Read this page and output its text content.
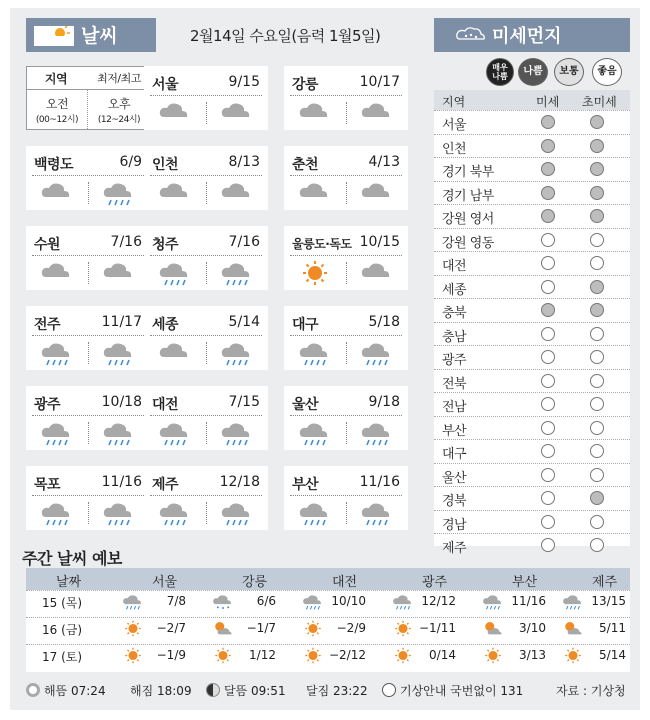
날씨	2월14일 수요일(음력 1월5일)	미세먼지
지역	최저/최고
오전
(00~12시)
오후
(12~24시)
서울	9/15 강릉	10/17
백령도	6/9 인천	8/13 춘천	4/13
수원	7/16 청주	7/16	울릉도·독도 10/15
전주	11/17 세종	5/14 대구	5/18
광주	10/18 대전	7/15 울산	9/18
목포	11/16 제주	12/18 부산	11/16
매우
나쁨	나쁨	보통	좋음
지역	미세 초미세
서울
인천
경기 북부
경기 남부
강원 영서
강원 영동
대전
세종
충북
충남
광주
전북
전남
부산
대구
울산
경북
경남
제주
주간 날씨 예보
날짜	서울	강릉	대전	광주	부산	제주
15 (목)	7/8	6/6	10/10	12/12	11/16	13/15
16 (금)	−2/7	−1/7	−2/9	−1/11	3/10	5/11
17 (토)	−1/9	1/12	−2/12	0/14	3/13	5/14
해뜸 07:24 해짐 18:09	달뜸 09:51 달짐 23:22	기상안내 국번없이 131	자료 : 기상청
